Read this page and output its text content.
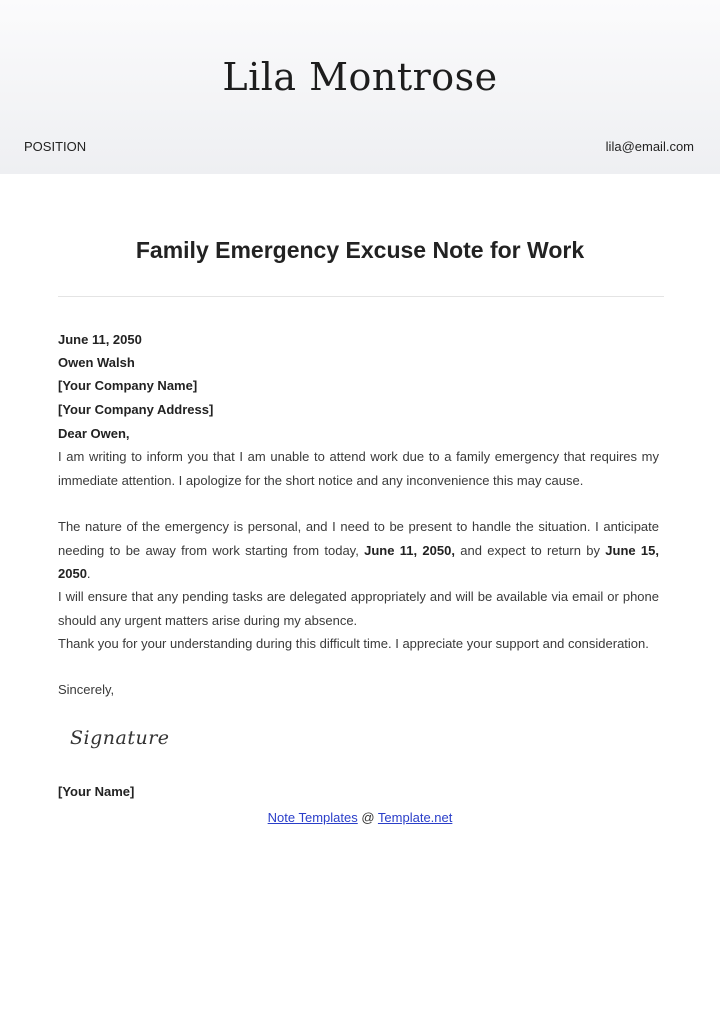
Lila Montrose
POSITION	lila@email.com
Family Emergency Excuse Note for Work
June 11, 2050
Owen Walsh
[Your Company Name]
[Your Company Address]
Dear Owen,
I am writing to inform you that I am unable to attend work due to a family emergency that requires my immediate attention. I apologize for the short notice and any inconvenience this may cause.
The nature of the emergency is personal, and I need to be present to handle the situation. I anticipate needing to be away from work starting from today, June 11, 2050, and expect to return by June 15, 2050.
I will ensure that any pending tasks are delegated appropriately and will be available via email or phone should any urgent matters arise during my absence.
Thank you for your understanding during this difficult time. I appreciate your support and consideration.
Sincerely,
Signature
[Your Name]
Note Templates @ Template.net
